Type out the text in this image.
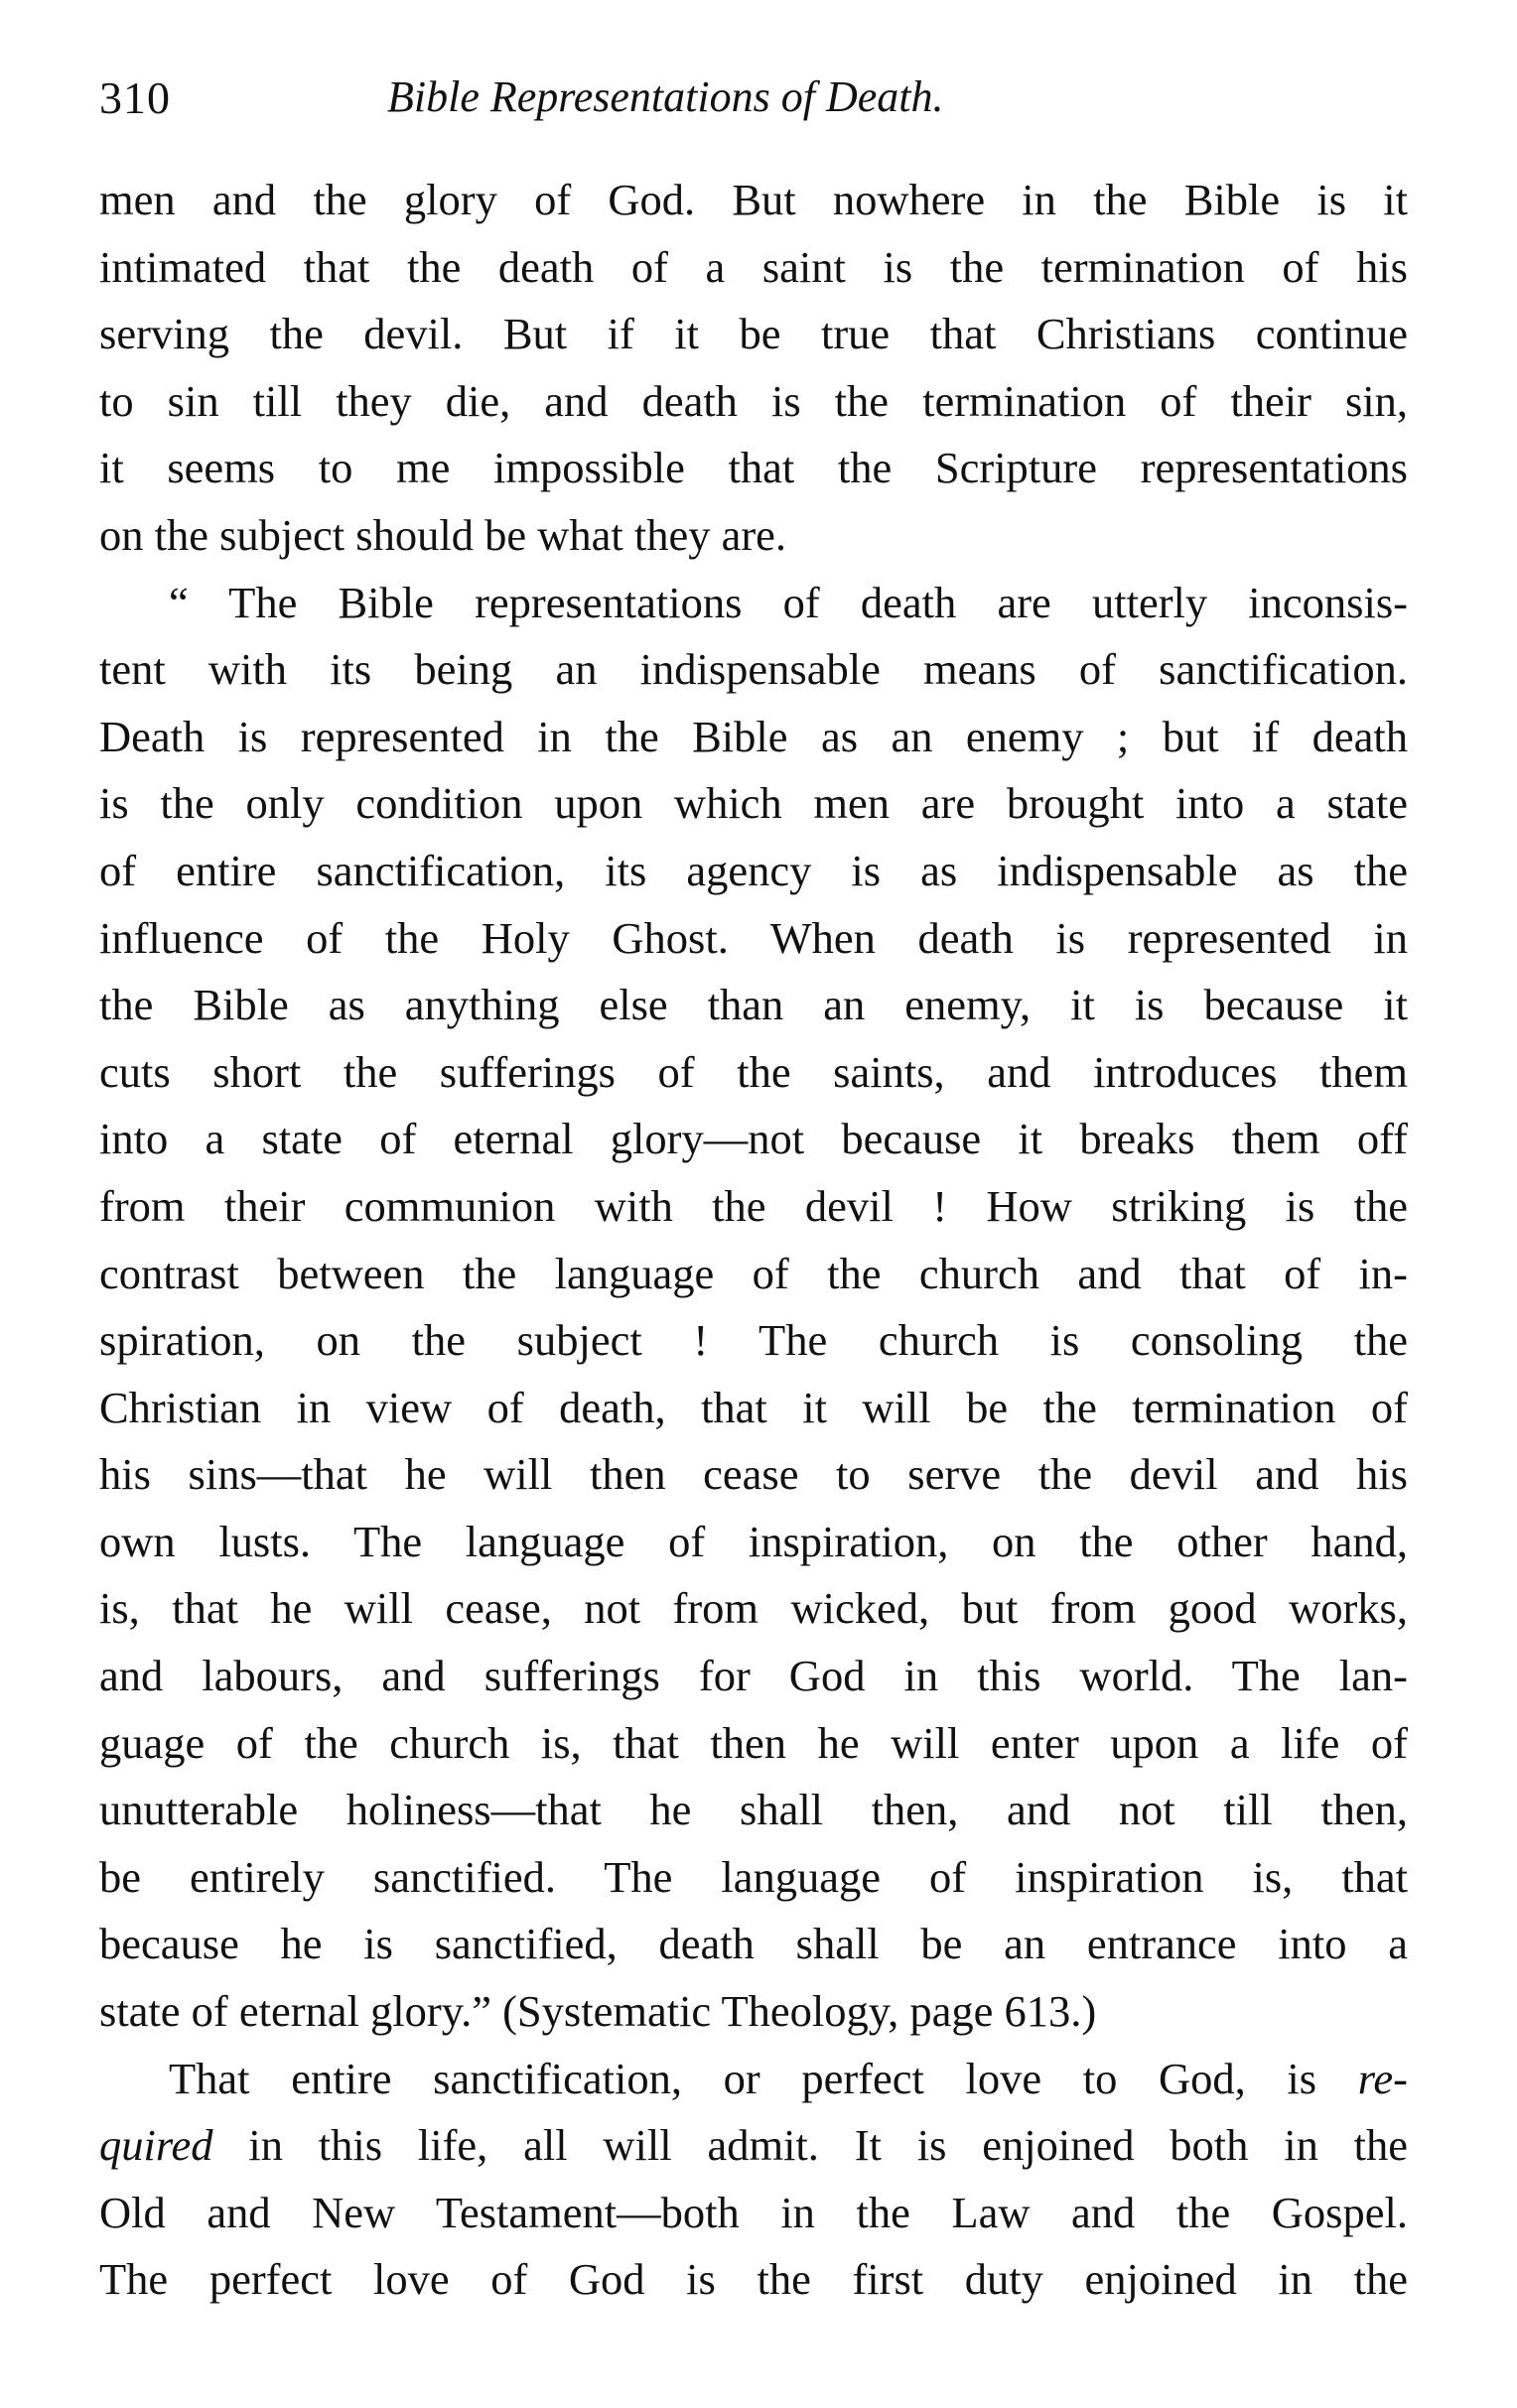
310	Bible Representations of Death.
men and the glory of God. But nowhere in the Bible is it
intimated that the death of a saint is the termination of his
serving the devil. But if it be true that Christians continue
to sin till they die, and death is the termination of their sin,
it seems to me impossible that the Scripture representations
on the subject should be what they are.
“ The Bible representations of death are utterly inconsis-
tent with its being an indispensable means of sanctification.
Death is represented in the Bible as an enemy ; but if death
is the only condition upon which men are brought into a state
of entire sanctification, its agency is as indispensable as the
influence of the Holy Ghost. When death is represented in
the Bible as anything else than an enemy, it is because it
cuts short the sufferings of the saints, and introduces them
into a state of eternal glory—not because it breaks them off
from their communion with the devil ! How striking is the
contrast between the language of the church and that of in-
spiration, on the subject ! The church is consoling the
Christian in view of death, that it will be the termination of
his sins—that he will then cease to serve the devil and his
own lusts. The language of inspiration, on the other hand,
is, that he will cease, not from wicked, but from good works,
and labours, and sufferings for God in this world. The lan-
guage of the church is, that then he will enter upon a life of
unutterable holiness—that he shall then, and not till then,
be entirely sanctified. The language of inspiration is, that
because he is sanctified, death shall be an entrance into a
state of eternal glory.” (Systematic Theology, page 613.)
That entire sanctification, or perfect love to God, is re-
quired in this life, all will admit. It is enjoined both in the
Old and New Testament—both in the Law and the Gospel.
The perfect love of God is the first duty enjoined in the
